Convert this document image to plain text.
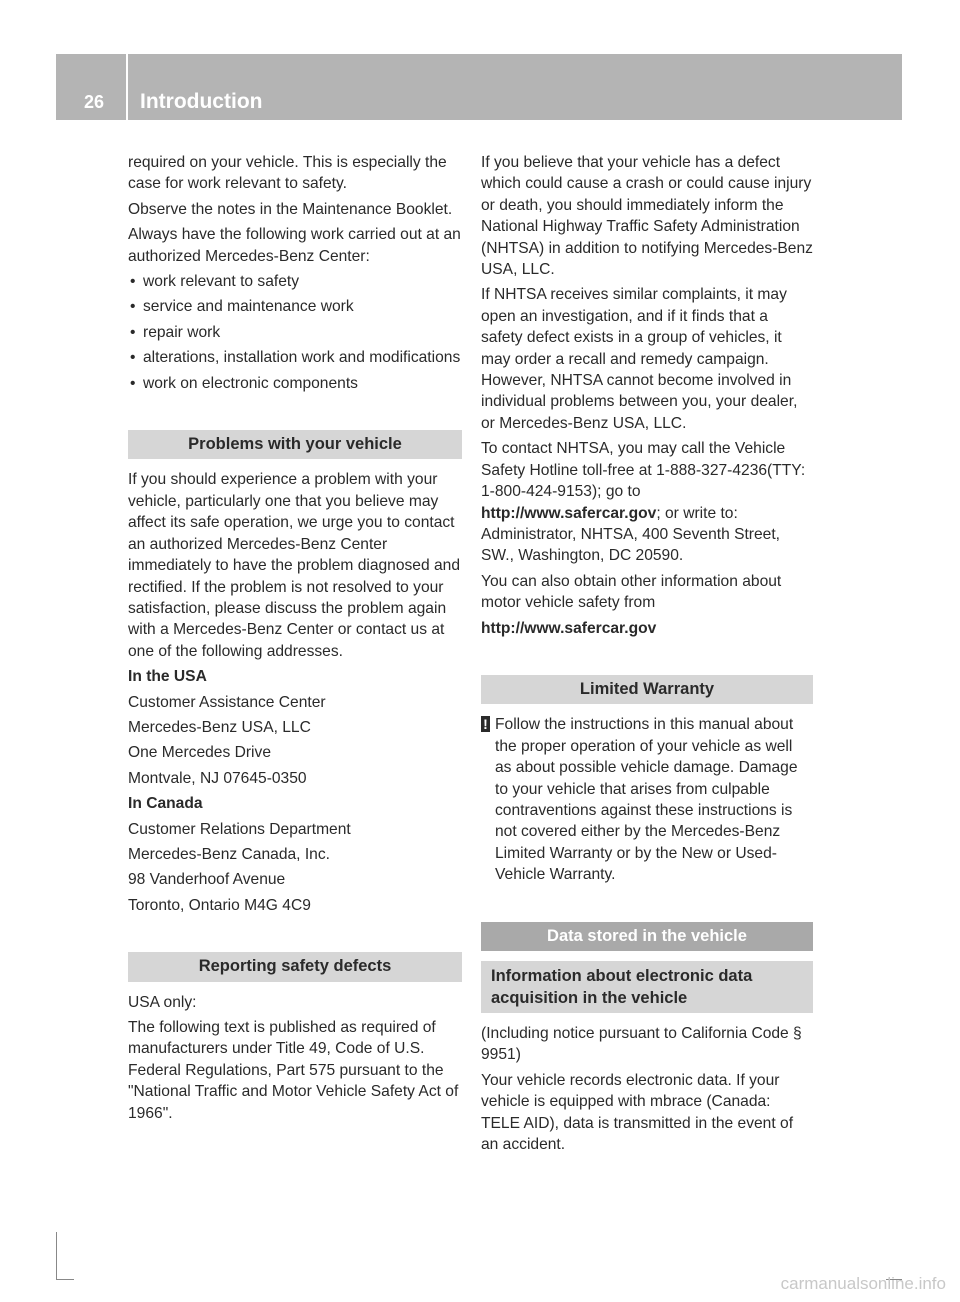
26 Introduction

required on your vehicle. This is especially the case for work relevant to safety.

Observe the notes in the Maintenance Booklet.

Always have the following work carried out at an authorized Mercedes-Benz Center:

• work relevant to safety
• service and maintenance work
• repair work
• alterations, installation work and modifications
• work on electronic components
Problems with your vehicle

If you should experience a problem with your vehicle, particularly one that you believe may affect its safe operation, we urge you to contact an authorized Mercedes-Benz Center immediately to have the problem diagnosed and rectified. If the problem is not resolved to your satisfaction, please discuss the problem again with a Mercedes-Benz Center or contact us at one of the following addresses.

In the USA

Customer Assistance Center

Mercedes-Benz USA, LLC

One Mercedes Drive

Montvale, NJ 07645-0350

In Canada

Customer Relations Department

Mercedes-Benz Canada, Inc.

98 Vanderhoof Avenue

Toronto, Ontario M4G 4C9

Reporting safety defects

USA only:

The following text is published as required of manufacturers under Title 49, Code of U.S. Federal Regulations, Part 575 pursuant to the "National Traffic and Motor Vehicle Safety Act of 1966".

If you believe that your vehicle has a defect which could cause a crash or could cause injury or death, you should immediately inform the National Highway Traffic Safety Administration (NHTSA) in addition to notifying Mercedes-Benz USA, LLC.

If NHTSA receives similar complaints, it may open an investigation, and if it finds that a safety defect exists in a group of vehicles, it may order a recall and remedy campaign. However, NHTSA cannot become involved in individual problems between you, your dealer, or Mercedes-Benz USA, LLC.

To contact NHTSA, you may call the Vehicle Safety Hotline toll-free at 1-888-327-4236(TTY: 1-800-424-9153); go to http://www.safercar.gov; or write to: Administrator, NHTSA, 400 Seventh Street, SW., Washington, DC 20590.

You can also obtain other information about motor vehicle safety from

http://www.safercar.gov

Limited Warranty

! Follow the instructions in this manual about the proper operation of your vehicle as well as about possible vehicle damage. Damage to your vehicle that arises from culpable contraventions against these instructions is not covered either by the Mercedes-Benz Limited Warranty or by the New or Used-Vehicle Warranty.

Data stored in the vehicle
Information about electronic data acquisition in the vehicle

(Including notice pursuant to California Code § 9951)

Your vehicle records electronic data. If your vehicle is equipped with mbrace (Canada: TELE AID), data is transmitted in the event of an accident.

carmanualsonline.info
